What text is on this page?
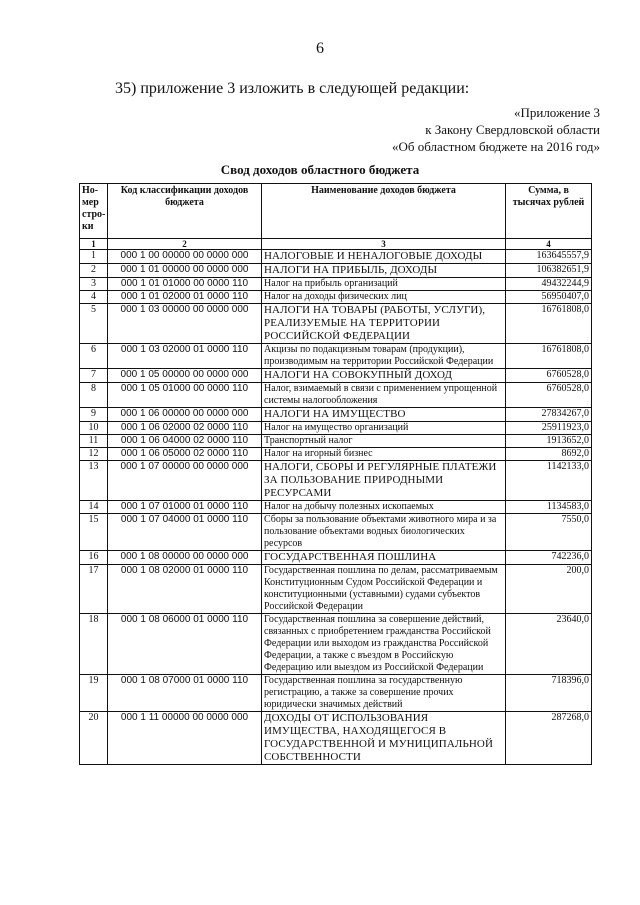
6
35) приложение 3 изложить в следующей редакции:
«Приложение 3
к Закону Свердловской области
«Об областном бюджете на 2016 год»
Свод доходов областного бюджета
Но-мер стро-ки	Код классификации доходов бюджета	Наименование доходов бюджета	Сумма, в тысячах рублей
1	2	3	4
1	000 1 00 00000 00 0000 000	НАЛОГОВЫЕ И НЕНАЛОГОВЫЕ ДОХОДЫ	163645557,9
2	000 1 01 00000 00 0000 000	НАЛОГИ НА ПРИБЫЛЬ, ДОХОДЫ	106382651,9
3	000 1 01 01000 00 0000 110	Налог на прибыль организаций	49432244,9
4	000 1 01 02000 01 0000 110	Налог на доходы физических лиц	56950407,0
5	000 1 03 00000 00 0000 000	НАЛОГИ НА ТОВАРЫ (РАБОТЫ, УСЛУГИ), РЕАЛИЗУЕМЫЕ НА ТЕРРИТОРИИ РОССИЙСКОЙ ФЕДЕРАЦИИ	16761808,0
6	000 1 03 02000 01 0000 110	Акцизы по подакцизным товарам (продукции), производимым на территории Российской Федерации	16761808,0
7	000 1 05 00000 00 0000 000	НАЛОГИ НА СОВОКУПНЫЙ ДОХОД	6760528,0
8	000 1 05 01000 00 0000 110	Налог, взимаемый в связи с применением упрощенной системы налогообложения	6760528,0
9	000 1 06 00000 00 0000 000	НАЛОГИ НА ИМУЩЕСТВО	27834267,0
10	000 1 06 02000 02 0000 110	Налог на имущество организаций	25911923,0
11	000 1 06 04000 02 0000 110	Транспортный налог	1913652,0
12	000 1 06 05000 02 0000 110	Налог на игорный бизнес	8692,0
13	000 1 07 00000 00 0000 000	НАЛОГИ, СБОРЫ И РЕГУЛЯРНЫЕ ПЛАТЕЖИ ЗА ПОЛЬЗОВАНИЕ ПРИРОДНЫМИ РЕСУРСАМИ	1142133,0
14	000 1 07 01000 01 0000 110	Налог на добычу полезных ископаемых	1134583,0
15	000 1 07 04000 01 0000 110	Сборы за пользование объектами животного мира и за пользование объектами водных биологических ресурсов	7550,0
16	000 1 08 00000 00 0000 000	ГОСУДАРСТВЕННАЯ ПОШЛИНА	742236,0
17	000 1 08 02000 01 0000 110	Государственная пошлина по делам, рассматриваемым Конституционным Судом Российской Федерации и конституционными (уставными) судами субъектов Российской Федерации	200,0
18	000 1 08 06000 01 0000 110	Государственная пошлина за совершение действий, связанных с приобретением гражданства Российской Федерации или выходом из гражданства Российской Федерации, а также с въездом в Российскую Федерацию или выездом из Российской Федерации	23640,0
19	000 1 08 07000 01 0000 110	Государственная пошлина за государственную регистрацию, а также за совершение прочих юридически значимых действий	718396,0
20	000 1 11 00000 00 0000 000	ДОХОДЫ ОТ ИСПОЛЬЗОВАНИЯ ИМУЩЕСТВА, НАХОДЯЩЕГОСЯ В ГОСУДАРСТВЕННОЙ И МУНИЦИПАЛЬНОЙ СОБСТВЕННОСТИ	287268,0
